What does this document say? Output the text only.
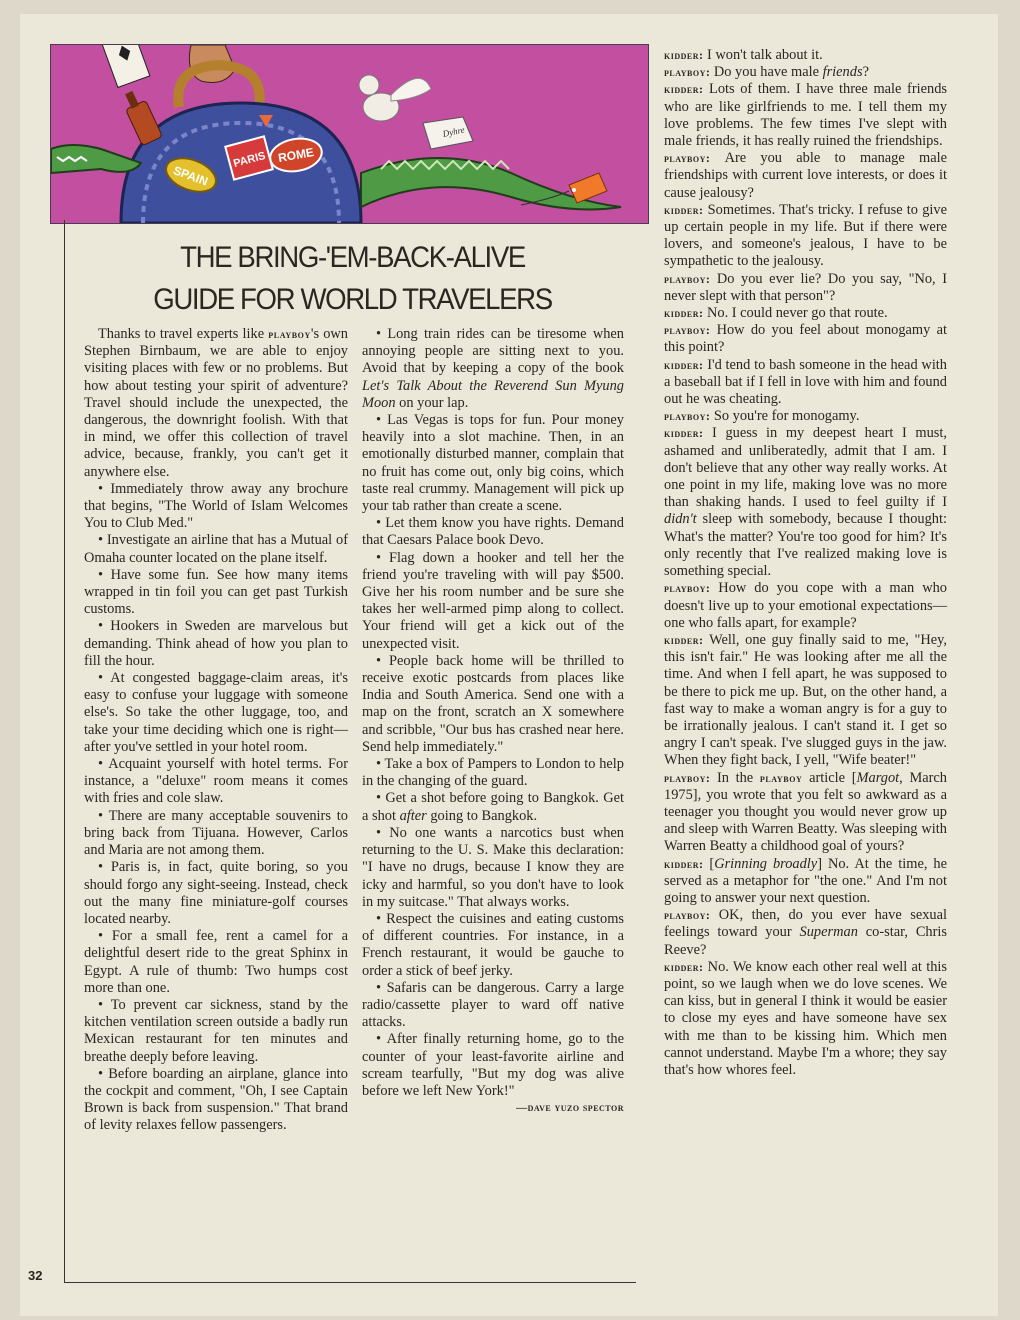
SPAIN
PARIS ROME
Dyhre
THE BRING-'EM-BACK-ALIVE
GUIDE FOR WORLD TRAVELERS

Thanks to travel experts like playboy's own Stephen Birnbaum, we are able to enjoy visiting places with few or no problems. But how about testing your spirit of adventure? Travel should include the unexpected, the dangerous, the downright foolish. With that in mind, we offer this collection of travel advice, because, frankly, you can't get it anywhere else.

• Immediately throw away any brochure that begins, "The World of Islam Welcomes You to Club Med."

• Investigate an airline that has a Mutual of Omaha counter located on the plane itself.

• Have some fun. See how many items wrapped in tin foil you can get past Turkish customs.

• Hookers in Sweden are marvelous but demanding. Think ahead of how you plan to fill the hour.

• At congested baggage-claim areas, it's easy to confuse your luggage with someone else's. So take the other luggage, too, and take your time deciding which one is right—after you've settled in your hotel room.

• Acquaint yourself with hotel terms. For instance, a "deluxe" room means it comes with fries and cole slaw.

• There are many acceptable souvenirs to bring back from Tijuana. However, Carlos and Maria are not among them.

• Paris is, in fact, quite boring, so you should forgo any sight-seeing. Instead, check out the many fine miniature-golf courses located nearby.

• For a small fee, rent a camel for a delightful desert ride to the great Sphinx in Egypt. A rule of thumb: Two humps cost more than one.

• To prevent car sickness, stand by the kitchen ventilation screen outside a badly run Mexican restaurant for ten minutes and breathe deeply before leaving.

• Before boarding an airplane, glance into the cockpit and comment, "Oh, I see Captain Brown is back from suspension." That brand of levity relaxes fellow passengers.

• Long train rides can be tiresome when annoying people are sitting next to you. Avoid that by keeping a copy of the book Let's Talk About the Reverend Sun Myung Moon on your lap.

• Las Vegas is tops for fun. Pour money heavily into a slot machine. Then, in an emotionally disturbed manner, complain that no fruit has come out, only big coins, which taste real crummy. Management will pick up your tab rather than create a scene.

• Let them know you have rights. Demand that Caesars Palace book Devo.

• Flag down a hooker and tell her the friend you're traveling with will pay $500. Give her his room number and be sure she takes her well-armed pimp along to collect. Your friend will get a kick out of the unexpected visit.

• People back home will be thrilled to receive exotic postcards from places like India and South America. Send one with a map on the front, scratch an X somewhere and scribble, "Our bus has crashed near here. Send help immediately."

• Take a box of Pampers to London to help in the changing of the guard.

• Get a shot before going to Bangkok. Get a shot after going to Bangkok.

• No one wants a narcotics bust when returning to the U. S. Make this declaration: "I have no drugs, because I know they are icky and harmful, so you don't have to look in my suitcase." That always works.

• Respect the cuisines and eating customs of different countries. For instance, in a French restaurant, it would be gauche to order a stick of beef jerky.

• Safaris can be dangerous. Carry a large radio/cassette player to ward off native attacks.

• After finally returning home, go to the counter of your least-favorite airline and scream tearfully, "But my dog was alive before we left New York!"
—dave yuzo spector

kidder: I won't talk about it.

playboy: Do you have male friends?

kidder: Lots of them. I have three male friends who are like girlfriends to me. I tell them my love problems. The few times I've slept with male friends, it has really ruined the friendships.

playboy: Are you able to manage male friendships with current love interests, or does it cause jealousy?

kidder: Sometimes. That's tricky. I refuse to give up certain people in my life. But if there were lovers, and someone's jealous, I have to be sympathetic to the jealousy.

playboy: Do you ever lie? Do you say, "No, I never slept with that person"?

kidder: No. I could never go that route.

playboy: How do you feel about monogamy at this point?

kidder: I'd tend to bash someone in the head with a baseball bat if I fell in love with him and found out he was cheating.

playboy: So you're for monogamy.

kidder: I guess in my deepest heart I must, ashamed and unliberatedly, admit that I am. I don't believe that any other way really works. At one point in my life, making love was no more than shaking hands. I used to feel guilty if I didn't sleep with somebody, because I thought: What's the matter? You're too good for him? It's only recently that I've realized making love is something special.

playboy: How do you cope with a man who doesn't live up to your emotional expectations—one who falls apart, for example?

kidder: Well, one guy finally said to me, "Hey, this isn't fair." He was looking after me all the time. And when I fell apart, he was supposed to be there to pick me up. But, on the other hand, a fast way to make a woman angry is for a guy to be irrationally jealous. I can't stand it. I get so angry I can't speak. I've slugged guys in the jaw. When they fight back, I yell, "Wife beater!"

playboy: In the playboy article [Margot, March 1975], you wrote that you felt so awkward as a teenager you thought you would never grow up and sleep with Warren Beatty. Was sleeping with Warren Beatty a childhood goal of yours?

kidder: [Grinning broadly] No. At the time, he served as a metaphor for "the one." And I'm not going to answer your next question.

playboy: OK, then, do you ever have sexual feelings toward your Superman co-star, Chris Reeve?

kidder: No. We know each other real well at this point, so we laugh when we do love scenes. We can kiss, but in general I think it would be easier to close my eyes and have someone have sex with me than to be kissing him. Which men cannot understand. Maybe I'm a whore; they say that's how whores feel.

32
